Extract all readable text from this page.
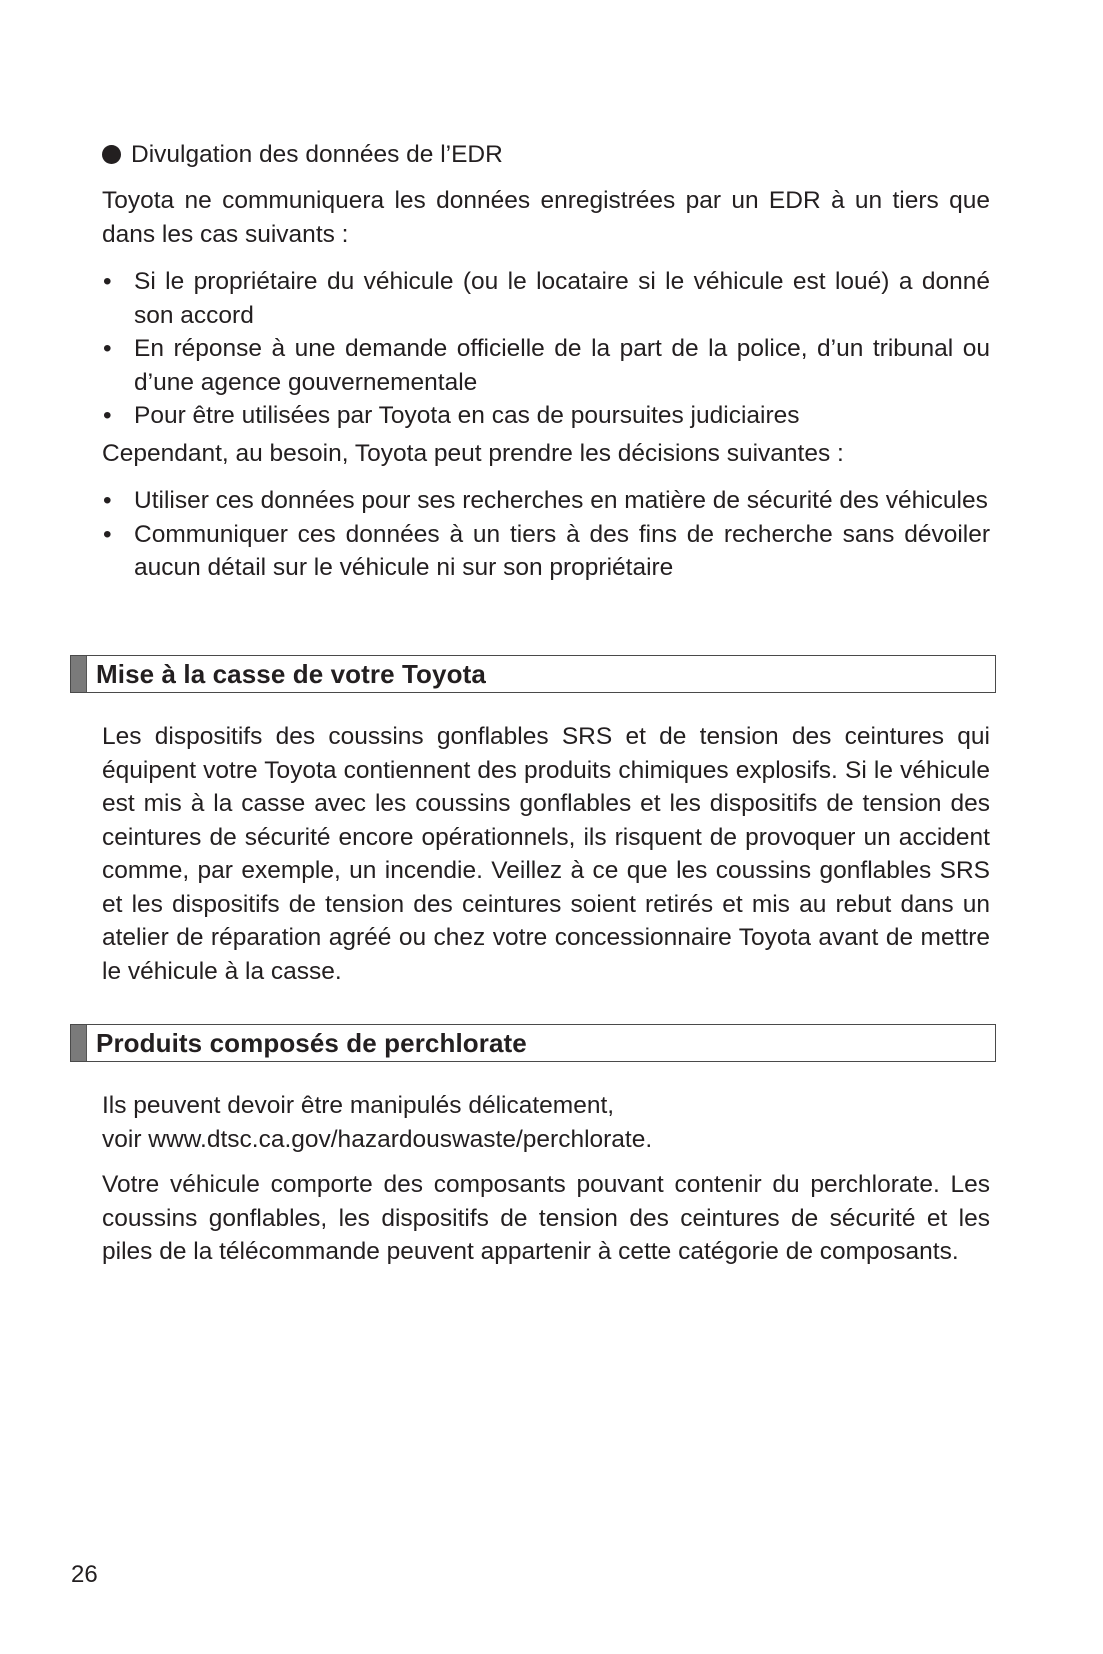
Divulgation des données de l’EDR
Toyota ne communiquera les données enregistrées par un EDR à un tiers que dans les cas suivants :
• Si le propriétaire du véhicule (ou le locataire si le véhicule est loué) a donné son accord
• En réponse à une demande officielle de la part de la police, d’un tribunal ou d’une agence gouvernementale
• Pour être utilisées par Toyota en cas de poursuites judiciaires
Cependant, au besoin, Toyota peut prendre les décisions suivantes :
• Utiliser ces données pour ses recherches en matière de sécurité des véhicules
• Communiquer ces données à un tiers à des fins de recherche sans dévoiler aucun détail sur le véhicule ni sur son propriétaire
Mise à la casse de votre Toyota
Les dispositifs des coussins gonflables SRS et de tension des ceintures qui équipent votre Toyota contiennent des produits chimiques explosifs. Si le véhicule est mis à la casse avec les coussins gonflables et les dispositifs de tension des ceintures de sécurité encore opérationnels, ils risquent de provoquer un accident comme, par exemple, un incendie. Veillez à ce que les coussins gonflables SRS et les dispositifs de tension des ceintures soient retirés et mis au rebut dans un atelier de réparation agréé ou chez votre concessionnaire Toyota avant de mettre le véhicule à la casse.
Produits composés de perchlorate
Ils peuvent devoir être manipulés délicatement,
voir www.dtsc.ca.gov/hazardouswaste/perchlorate.
Votre véhicule comporte des composants pouvant contenir du perchlorate. Les coussins gonflables, les dispositifs de tension des ceintures de sécurité et les piles de la télécommande peuvent appartenir à cette catégorie de composants.
26
